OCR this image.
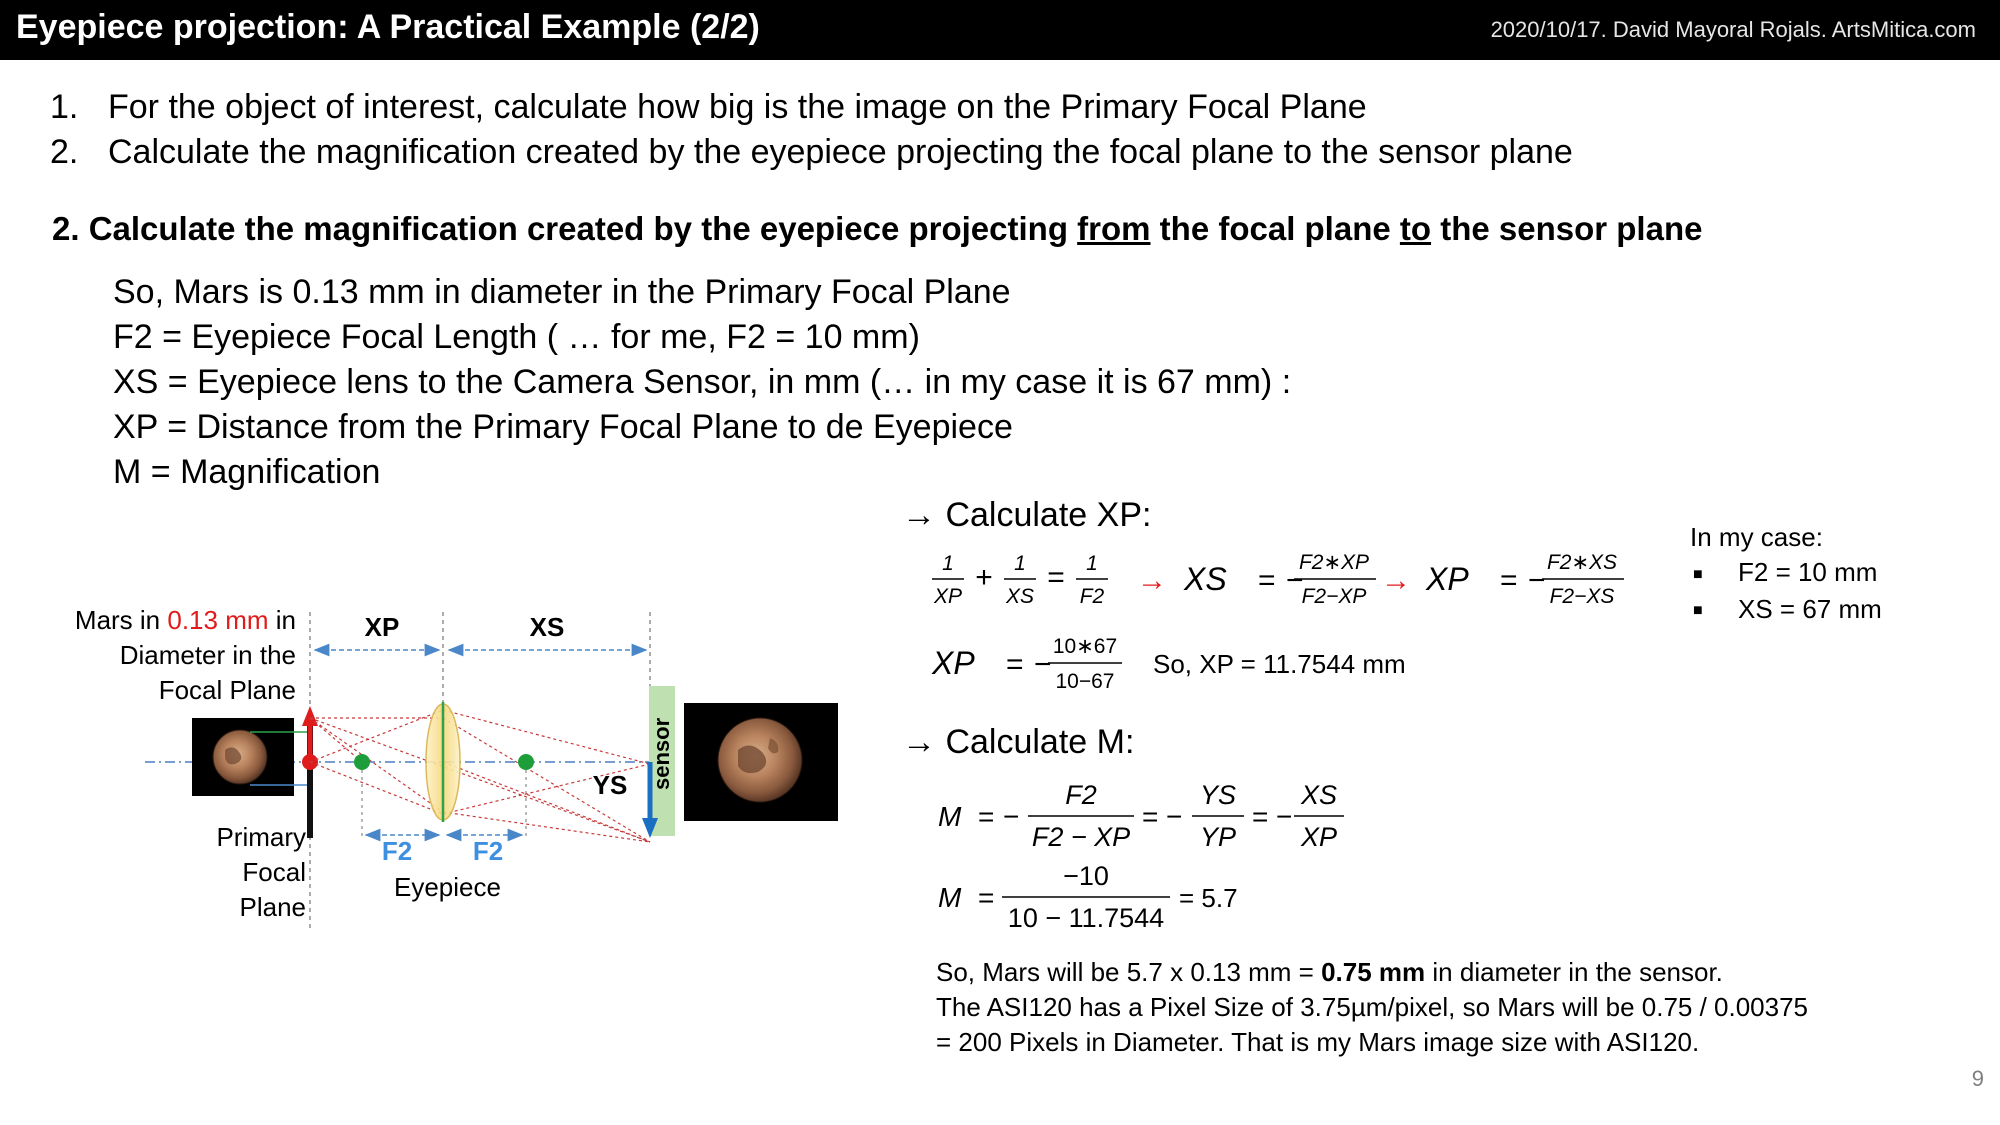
Eyepiece projection: A Practical Example (2/2)	2020/10/17. David Mayoral Rojals. ArtsMitica.com
1. For the object of interest, calculate how big is the image on the Primary Focal Plane
2. Calculate the magnification created by the eyepiece projecting the focal plane to the sensor plane
2. Calculate the magnification created by the eyepiece projecting from the focal plane to the sensor plane
So, Mars is 0.13 mm in diameter in the Primary Focal Plane
F2 = Eyepiece Focal Length ( … for me, F2 = 10 mm)
XS = Eyepiece lens to the Camera Sensor, in mm (… in my case it is 67 mm) :
XP = Distance from the Primary Focal Plane to de Eyepiece
M = Magnification
→ Calculate XP:
1
XP
+ 1
XS
= 1
F2 → XS = −
F2∗XP
F2−XP → XP = −
F2∗XS
F2−XS
XP = −
10∗67
10−67
So, XP = 11.7544 mm
In my case:
■ F2 = 10 mm
■ XS = 67 mm
→ Calculate M:
M = −
F2
F2 − XP
= −
YS
YP
= −
XS
XP
M =
−10
10 − 11.7544
= 5.7
So, Mars will be 5.7 x 0.13 mm = 0.75 mm in diameter in the sensor.
The ASI120 has a Pixel Size of 3.75µm/pixel, so Mars will be 0.75 / 0.00375
= 200 Pixels in Diameter. That is my Mars image size with ASI120.
Mars in 0.13 mm in
Diameter in the
Focal Plane
Primary
Focal
Plane
Eyepiece
XP	XS
F2 F2
sensor
YS
9
